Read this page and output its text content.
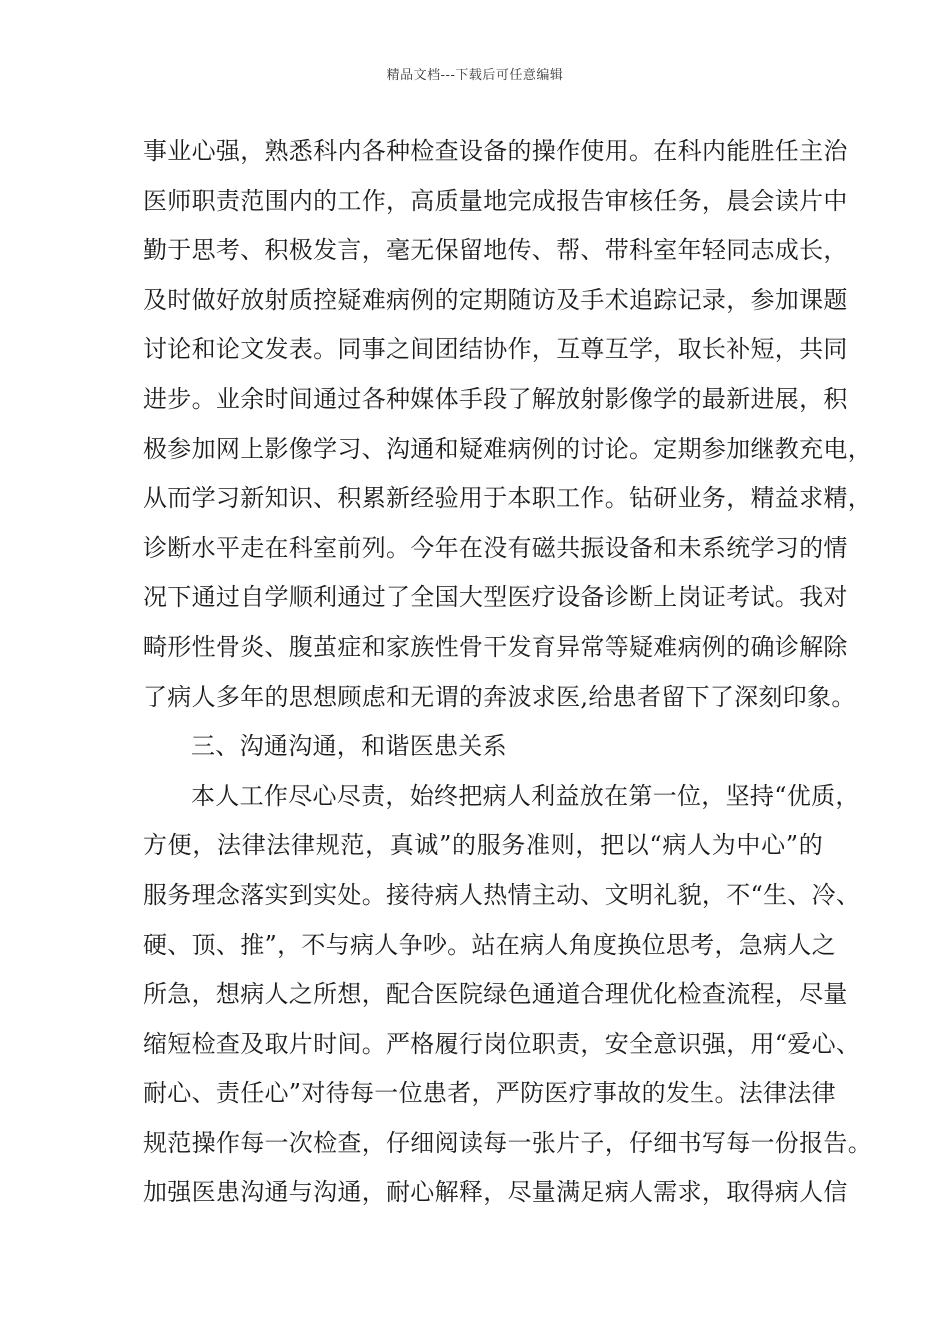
精品文档---下载后可任意编辑
事业心强，熟悉科内各种检查设备的操作使用。在科内能胜任主治
医师职责范围内的工作，高质量地完成报告审核任务，晨会读片中
勤于思考、积极发言，毫无保留地传、帮、带科室年轻同志成长，
及时做好放射质控疑难病例的定期随访及手术追踪记录，参加课题
讨论和论文发表。同事之间团结协作，互尊互学，取长补短，共同
进步。业余时间通过各种媒体手段了解放射影像学的最新进展，积
极参加网上影像学习、沟通和疑难病例的讨论。定期参加继教充电，
从而学习新知识、积累新经验用于本职工作。钻研业务，精益求精，
诊断水平走在科室前列。今年在没有磁共振设备和未系统学习的情
况下通过自学顺利通过了全国大型医疗设备诊断上岗证考试。我对
畸形性骨炎、腹茧症和家族性骨干发育异常等疑难病例的确诊解除
了病人多年的思想顾虑和无谓的奔波求医,给患者留下了深刻印象。
三、沟通沟通，和谐医患关系
本人工作尽心尽责，始终把病人利益放在第一位，坚持“优质，
方便，法律法律规范，真诚”的服务准则，把以“病人为中心”的
服务理念落实到实处。接待病人热情主动、文明礼貌，不“生、冷、
硬、顶、推”，不与病人争吵。站在病人角度换位思考，急病人之
所急，想病人之所想，配合医院绿色通道合理优化检查流程，尽量
缩短检查及取片时间。严格履行岗位职责，安全意识强，用“爱心、
耐心、责任心”对待每一位患者，严防医疗事故的发生。法律法律
规范操作每一次检查，仔细阅读每一张片子，仔细书写每一份报告。
加强医患沟通与沟通，耐心解释，尽量满足病人需求，取得病人信
